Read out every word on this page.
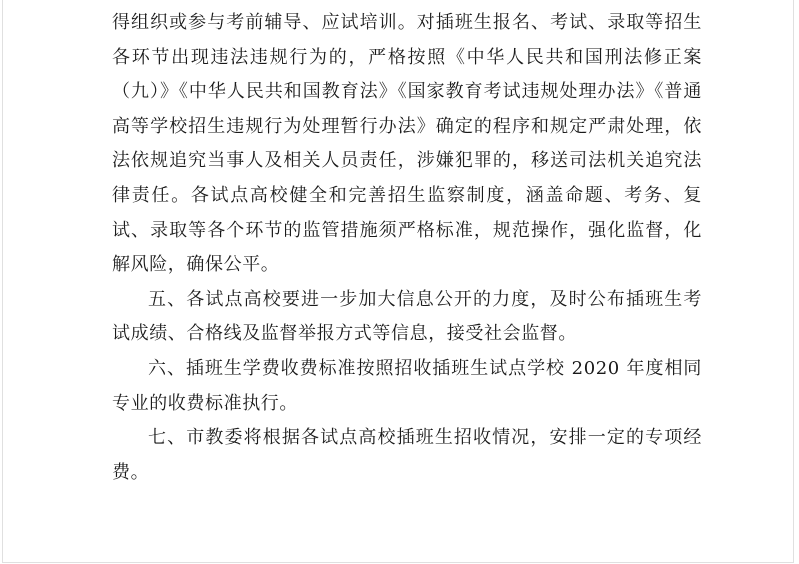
得组织或参与考前辅导、应试培训。对插班生报名、考试、录取等招生各环节出现违法违规行为的，严格按照《中华人民共和国刑法修正案（九）》《中华人民共和国教育法》《国家教育考试违规处理办法》《普通高等学校招生违规行为处理暂行办法》确定的程序和规定严肃处理，依法依规追究当事人及相关人员责任，涉嫌犯罪的，移送司法机关追究法律责任。各试点高校健全和完善招生监察制度，涵盖命题、考务、复试、录取等各个环节的监管措施须严格标准，规范操作，强化监督，化解风险，确保公平。

五、各试点高校要进一步加大信息公开的力度，及时公布插班生考试成绩、合格线及监督举报方式等信息，接受社会监督。

六、插班生学费收费标准按照招收插班生试点学校 2020 年度相同专业的收费标准执行。

七、市教委将根据各试点高校插班生招收情况，安排一定的专项经费。
